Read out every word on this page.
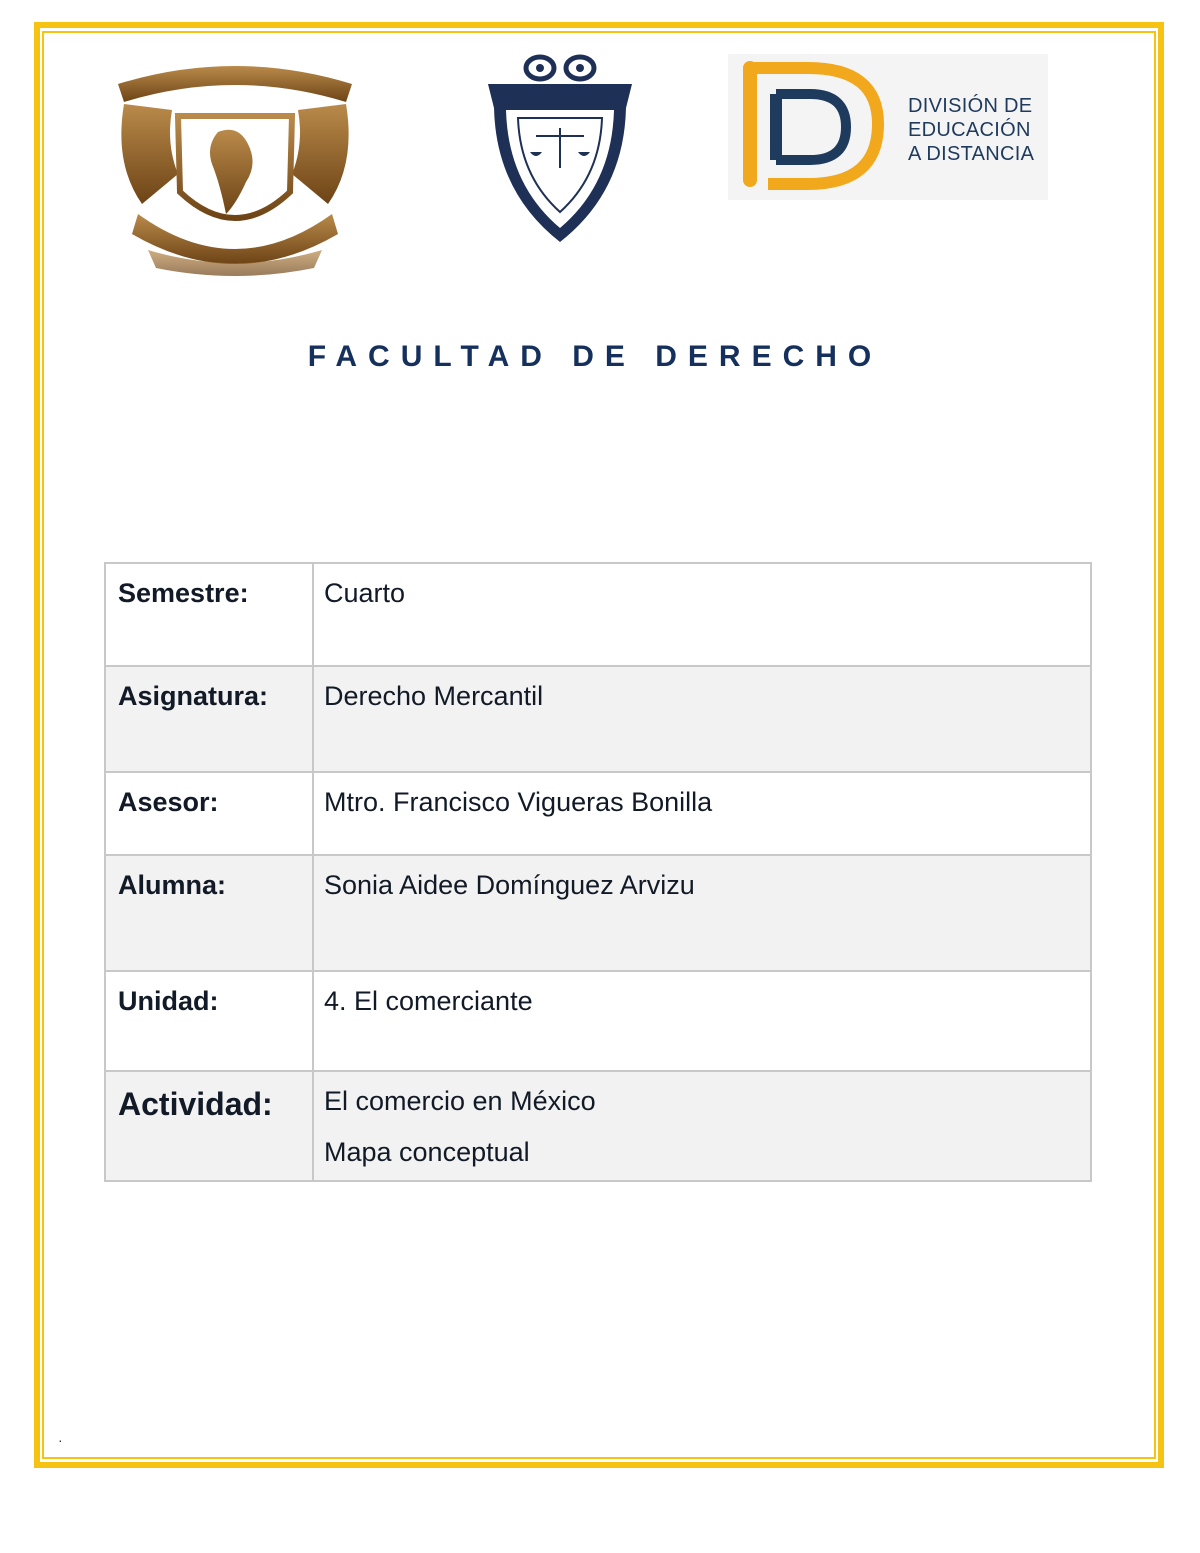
DIVISIÓN DE
EDUCACIÓN
A DISTANCIA
FACULTAD DE DERECHO
Semestre:	Cuarto
Asignatura:	Derecho Mercantil
Asesor:	Mtro. Francisco Vigueras Bonilla
Alumna:	Sonia Aidee Domínguez Arvizu
Unidad:	4. El comerciante
Actividad:	El comercio en México
Mapa conceptual
·
